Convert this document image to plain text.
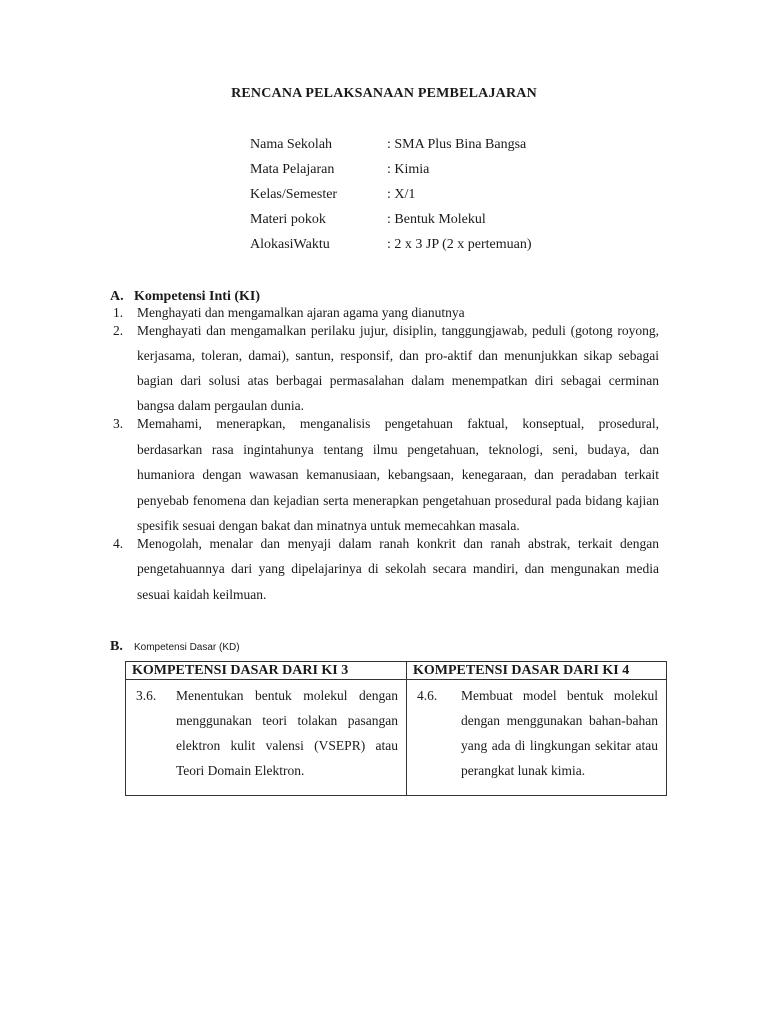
RENCANA PELAKSANAAN PEMBELAJARAN
Nama Sekolah	: SMA Plus Bina Bangsa
Mata Pelajaran	: Kimia
Kelas/Semester	: X/1
Materi pokok	: Bentuk Molekul
AlokasiWaktu	: 2 x 3 JP (2 x pertemuan)
A. Kompetensi Inti (KI)
1. Menghayati dan mengamalkan ajaran agama yang dianutnya

2. Menghayati dan mengamalkan perilaku jujur, disiplin, tanggungjawab, peduli (gotong royong, kerjasama, toleran, damai), santun, responsif, dan pro-aktif dan menunjukkan sikap sebagai bagian dari solusi atas berbagai permasalahan dalam menempatkan diri sebagai cerminan bangsa dalam pergaulan dunia.

3. Memahami, menerapkan, menganalisis pengetahuan faktual, konseptual, prosedural, berdasarkan rasa ingintahunya tentang ilmu pengetahuan, teknologi, seni, budaya, dan humaniora dengan wawasan kemanusiaan, kebangsaan, kenegaraan, dan peradaban terkait penyebab fenomena dan kejadian serta menerapkan pengetahuan prosedural pada bidang kajian spesifik sesuai dengan bakat dan minatnya untuk memecahkan masala.

4. Menogolah, menalar dan menyaji dalam ranah konkrit dan ranah abstrak, terkait dengan pengetahuannya dari yang dipelajarinya di sekolah secara mandiri, dan mengunakan media sesuai kaidah keilmuan.

B. Kompetensi Dasar (KD)
KOMPETENSI DASAR DARI KI 3	KOMPETENSI DASAR DARI KI 4

3.6. Menentukan bentuk molekul dengan menggunakan teori tolakan pasangan elektron kulit valensi (VSEPR) atau Teori Domain Elektron.	4.6. Membuat model bentuk molekul dengan menggunakan bahan-bahan yang ada di lingkungan sekitar atau perangkat lunak kimia.
